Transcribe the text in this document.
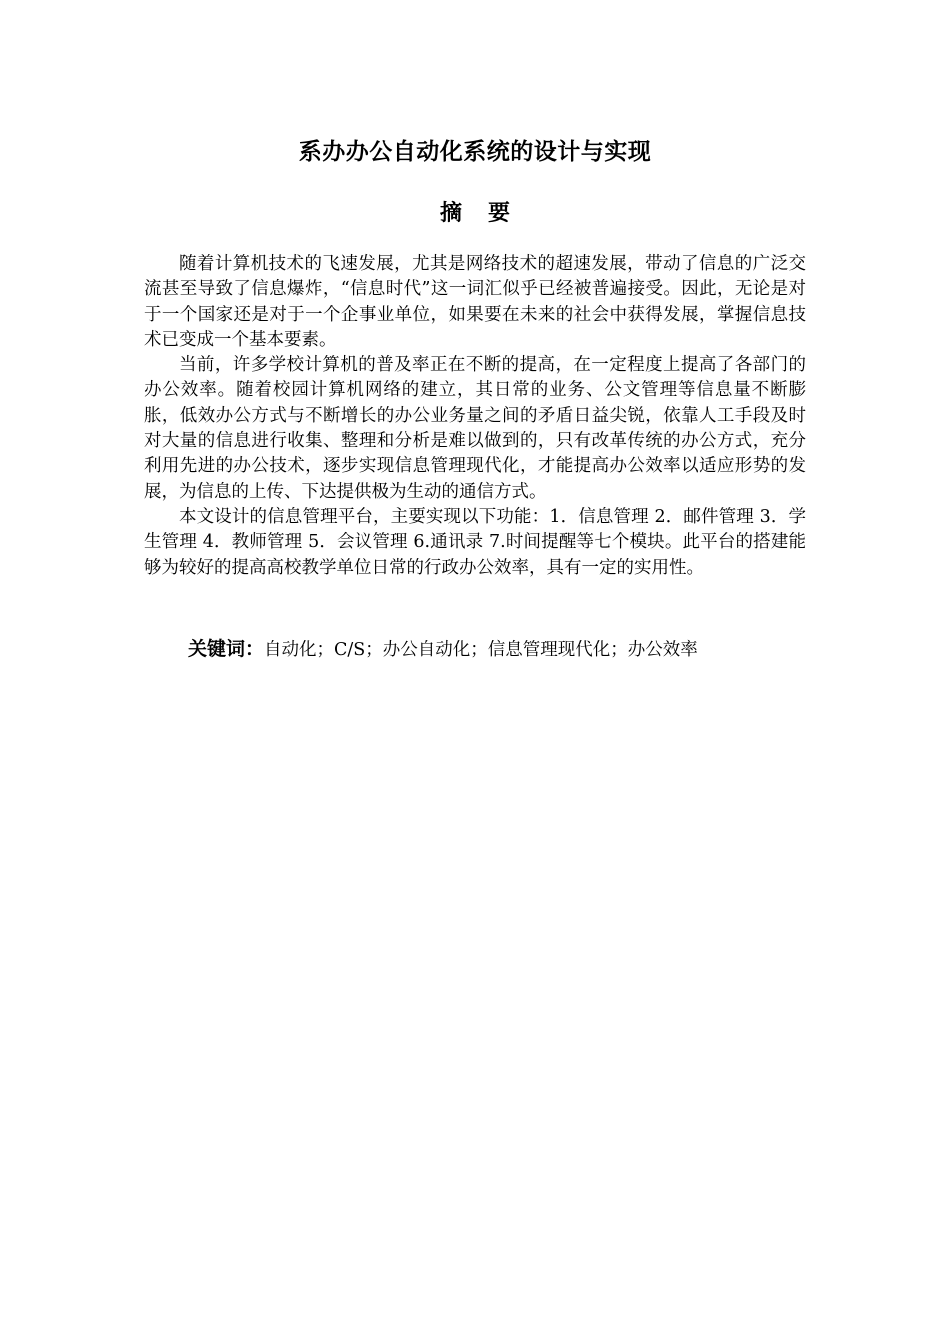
系办办公自动化系统的设计与实现
摘要

随着计算机技术的飞速发展，尤其是网络技术的超速发展，带动了信息的广泛交流甚至导致了信息爆炸，“信息时代”这一词汇似乎已经被普遍接受。因此，无论是对于一个国家还是对于一个企事业单位，如果要在未来的社会中获得发展，掌握信息技术已变成一个基本要素。

当前，许多学校计算机的普及率正在不断的提高，在一定程度上提高了各部门的办公效率。随着校园计算机网络的建立，其日常的业务、公文管理等信息量不断膨胀，低效办公方式与不断增长的办公业务量之间的矛盾日益尖锐，依靠人工手段及时对大量的信息进行收集、整理和分析是难以做到的，只有改革传统的办公方式，充分利用先进的办公技术，逐步实现信息管理现代化，才能提高办公效率以适应形势的发展，为信息的上传、下达提供极为生动的通信方式。

本文设计的信息管理平台，主要实现以下功能：1．信息管理 2．邮件管理 3．学生管理 4．教师管理 5．会议管理 6.通讯录 7.时间提醒等七个模块。此平台的搭建能够为较好的提高高校教学单位日常的行政办公效率，具有一定的实用性。

关键词：自动化；C/S；办公自动化；信息管理现代化；办公效率
